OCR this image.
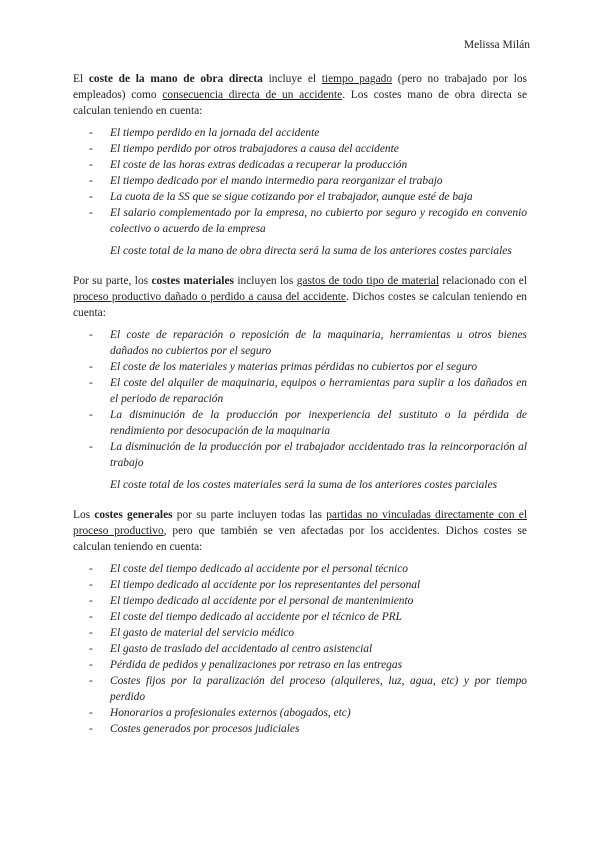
Melissa Milán

El coste de la mano de obra directa incluye el tiempo pagado (pero no trabajado por los empleados) como consecuencia directa de un accidente. Los costes mano de obra directa se calculan teniendo en cuenta:

- El tiempo perdido en la jornada del accidente
- El tiempo perdido por otros trabajadores a causa del accidente
- El coste de las horas extras dedicadas a recuperar la producción
- El tiempo dedicado por el mando intermedio para reorganizar el trabajo
- La cuota de la SS que se sigue cotizando por el trabajador, aunque esté de baja
- El salario complementado por la empresa, no cubierto por seguro y recogido en convenio colectivo o acuerdo de la empresa

El coste total de la mano de obra directa será la suma de los anteriores costes parciales

Por su parte, los costes materiales incluyen los gastos de todo tipo de material relacionado con el proceso productivo dañado o perdido a causa del accidente. Dichos costes se calculan teniendo en cuenta:

- El coste de reparación o reposición de la maquinaria, herramientas u otros bienes dañados no cubiertos por el seguro
- El coste de los materiales y materias primas pérdidas no cubiertos por el seguro
- El coste del alquiler de maquinaria, equipos o herramientas para suplir a los dañados en el periodo de reparación
- La disminución de la producción por inexperiencia del sustituto o la pérdida de rendimiento por desocupación de la maquinaria
- La disminución de la producción por el trabajador accidentado tras la reincorporación al trabajo

El coste total de los costes materiales será la suma de los anteriores costes parciales

Los costes generales por su parte incluyen todas las partidas no vinculadas directamente con el proceso productivo, pero que también se ven afectadas por los accidentes. Dichos costes se calculan teniendo en cuenta:

- El coste del tiempo dedicado al accidente por el personal técnico
- El tiempo dedicado al accidente por los representantes del personal
- El tiempo dedicado al accidente por el personal de mantenimiento
- El coste del tiempo dedicado al accidente por el técnico de PRL
- El gasto de material del servicio médico
- El gasto de traslado del accidentado al centro asistencial
- Pérdida de pedidos y penalizaciones por retraso en las entregas
- Costes fijos por la paralización del proceso (alquileres, luz, agua, etc) y por tiempo perdido
- Honorarios a profesionales externos (abogados, etc)
- Costes generados por procesos judiciales
